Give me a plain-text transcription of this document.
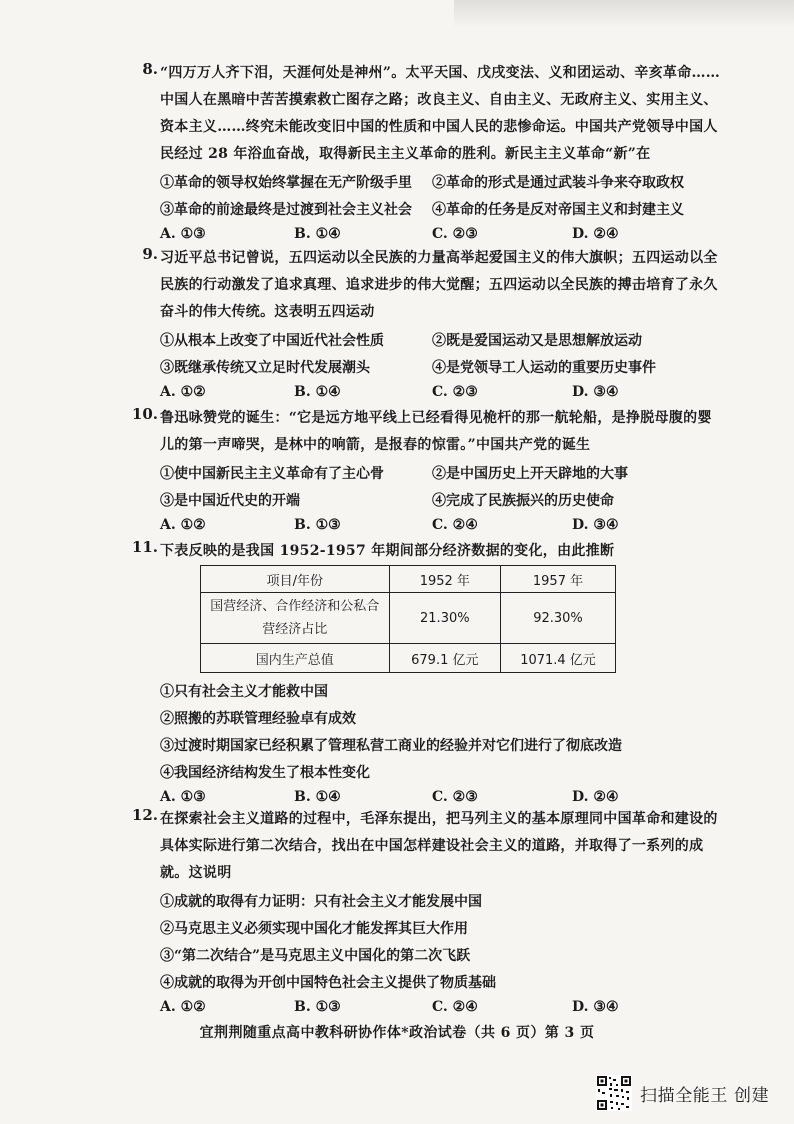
8. “四万万人齐下泪，天涯何处是神州”。太平天国、戊戌变法、义和团运动、辛亥革命……中国人在黑暗中苦苦摸索救亡图存之路；改良主义、自由主义、无政府主义、实用主义、资本主义……终究未能改变旧中国的性质和中国人民的悲惨命运。中国共产党领导中国人民经过 28 年浴血奋战，取得新民主主义革命的胜利。新民主主义革命“新”在
①革命的领导权始终掌握在无产阶级手里 ②革命的形式是通过武装斗争来夺取政权
③革命的前途最终是过渡到社会主义社会 ④革命的任务是反对帝国主义和封建主义
A. ①③	B. ①④	C. ②③	D. ②④
9. 习近平总书记曾说，五四运动以全民族的力量高举起爱国主义的伟大旗帜；五四运动以全民族的行动激发了追求真理、追求进步的伟大觉醒；五四运动以全民族的搏击培育了永久奋斗的伟大传统。这表明五四运动
①从根本上改变了中国近代社会性质	②既是爱国运动又是思想解放运动
③既继承传统又立足时代发展潮头	④是党领导工人运动的重要历史事件
A. ①②	B. ①④	C. ②③	D. ③④
10. 鲁迅咏赞党的诞生：“它是远方地平线上已经看得见桅杆的那一航轮船，是挣脱母腹的婴儿的第一声啼哭，是林中的响箭，是报春的惊雷。”中国共产党的诞生
①使中国新民主主义革命有了主心骨	②是中国历史上开天辟地的大事
③是中国近代史的开端	④完成了民族振兴的历史使命
A. ①②	B. ①③	C. ②④	D. ③④
11. 下表反映的是我国 1952-1957 年期间部分经济数据的变化，由此推断
项目/年份	1952 年	1957 年
国营经济、合作经济和公私合营经济占比	21.30%	92.30%
国内生产总值	679.1 亿元	1071.4 亿元
①只有社会主义才能救中国
②照搬的苏联管理经验卓有成效
③过渡时期国家已经积累了管理私营工商业的经验并对它们进行了彻底改造
④我国经济结构发生了根本性变化
A. ①③	B. ①④	C. ②③	D. ②④
12. 在探索社会主义道路的过程中，毛泽东提出，把马列主义的基本原理同中国革命和建设的具体实际进行第二次结合，找出在中国怎样建设社会主义的道路，并取得了一系列的成就。这说明
①成就的取得有力证明：只有社会主义才能发展中国
②马克思主义必须实现中国化才能发挥其巨大作用
③“第二次结合”是马克思主义中国化的第二次飞跃
④成就的取得为开创中国特色社会主义提供了物质基础
A. ①②	B. ①③	C. ②④	D. ③④
宜荆荆随重点高中教科研协作体*政治试卷（共 6 页）第 3 页
扫描全能王 创建
